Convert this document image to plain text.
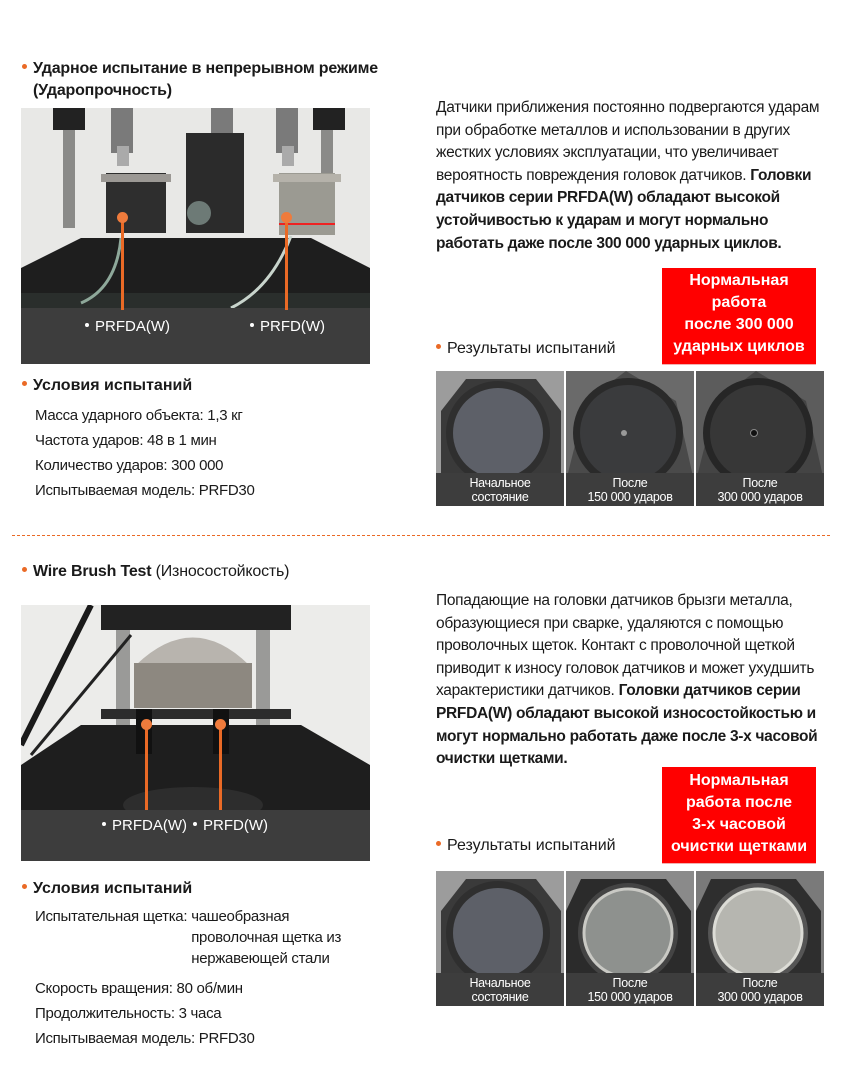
Ударное испытание в непрерывном режиме
(Ударопрочность)
PRFDA(W)	PRFD(W)
Датчики приближения постоянно подвергаются ударам при обработке металлов и использовании в других жестких условиях эксплуатации, что увеличивает вероятность повреждения головок датчиков. Головки датчиков серии PRFDA(W) обладают высокой устойчивостью к ударам и могут нормально работать даже после 300 000 ударных циклов.
Нормальная
работа
после 300 000
ударных циклов
Результаты испытаний
Начальное
состояние
После
150 000 ударов
После
300 000 ударов
Условия испытаний
Масса ударного объекта: 1,3 кг
Частота ударов: 48 в 1 мин
Количество ударов: 300 000
Испытываемая модель: PRFD30
Wire Brush Test (Износостойкость)
PRFDA(W)	PRFD(W)
Попадающие на головки датчиков брызги металла, образующиеся при сварке, удаляются с помощью проволочных щеток. Контакт с проволочной щеткой приводит к износу головок датчиков и может ухудшить характеристики датчиков. Головки датчиков серии PRFDA(W) обладают высокой износостойкостью и могут нормально работать даже после 3-х часовой очистки щетками.
Нормальная
работа после
3-х часовой
очистки щетками
Результаты испытаний
Начальное
состояние
После
150 000 ударов
После
300 000 ударов
Условия испытаний
Испытательная щетка: чашеобразная
проволочная щетка из
нержавеющей стали
Скорость вращения: 80 об/мин
Продолжительность: 3 часа
Испытываемая модель: PRFD30
